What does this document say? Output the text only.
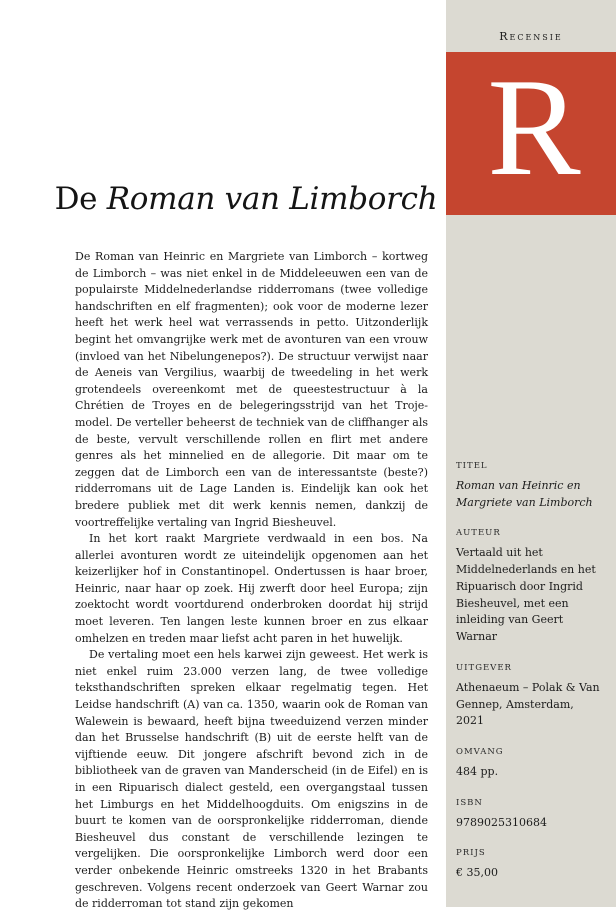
Recensie
R
De Roman van Limborch

De Roman van Heinric en Margriete van Limborch – kortweg de Limborch – was niet enkel in de Middeleeuwen een van de populairste Middelnederlandse ridderromans (twee volledige handschriften en elf fragmenten); ook voor de moderne lezer heeft het werk heel wat verrassends in petto. Uitzonderlijk begint het omvangrijke werk met de avonturen van een vrouw (invloed van het Nibelungenepos?). De structuur verwijst naar de Aeneis van Vergilius, waarbij de tweedeling in het werk grotendeels overeenkomt met de queestestructuur à la Chrétien de Troyes en de belegeringsstrijd van het Troje-model. De verteller beheerst de techniek van de cliffhanger als de beste, vervult verschillende rollen en flirt met andere genres als het minnelied en de allegorie. Dit maar om te zeggen dat de Limborch een van de interessantste (beste?) ridderromans uit de Lage Landen is. Eindelijk kan ook het bredere publiek met dit werk kennis nemen, dankzij de voortreffelijke vertaling van Ingrid Biesheuvel.

In het kort raakt Margriete verdwaald in een bos. Na allerlei avonturen wordt ze uiteindelijk opgenomen aan het keizerlijker hof in Constantinopel. Ondertussen is haar broer, Heinric, naar haar op zoek. Hij zwerft door heel Europa; zijn zoektocht wordt voortdurend onderbroken doordat hij strijd moet leveren. Ten langen leste kunnen broer en zus elkaar omhelzen en treden maar liefst acht paren in het huwelijk.

De vertaling moet een hels karwei zijn geweest. Het werk is niet enkel ruim 23.000 verzen lang, de twee volledige teksthandschriften spreken elkaar regelmatig tegen. Het Leidse handschrift (A) van ca. 1350, waarin ook de Roman van Walewein is bewaard, heeft bijna tweeduizend verzen minder dan het Brusselse handschrift (B) uit de eerste helft van de vijftiende eeuw. Dit jongere afschrift bevond zich in de bibliotheek van de graven van Manderscheid (in de Eifel) en is in een Ripuarisch dialect gesteld, een overgangstaal tussen het Limburgs en het Middelhoogduits. Om enigszins in de buurt te komen van de oorspronkelijke ridderroman, diende Biesheuvel dus constant de verschillende lezingen te vergelijken. Die oorspronkelijke Limborch werd door een verder onbekende Heinric omstreeks 1320 in het Brabants geschreven. Volgens recent onderzoek van Geert Warnar zou de ridderroman tot stand zijn gekomen

TITEL
Roman van Heinric en Margriete van Limborch
AUTEUR
Vertaald uit het Middelnederlands en het Ripuarisch door Ingrid Biesheuvel, met een inleiding van Geert Warnar
UITGEVER
Athenaeum – Polak & Van Gennep, Amsterdam, 2021
OMVANG
484 pp.
ISBN
9789025310684
PRIJS
€ 35,00
